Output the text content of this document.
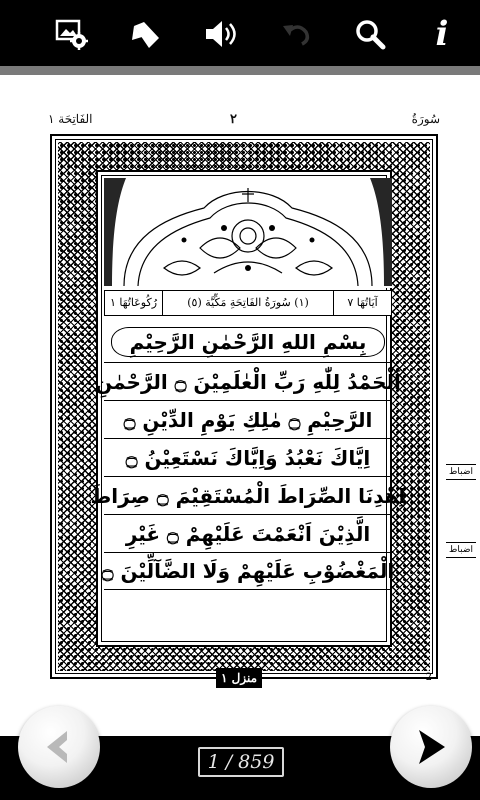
i
سُورَةُ
٢
الفَاتِحَة ١
رُكُوعَاتُهَا ١	(١) سُورَةُ الفَاتِحَةِ مَكِّيَّة (٥)	آيَاتُهَا ٧
بِسْمِ اللهِ الرَّحْمٰنِ الرَّحِيْمِ
اَلْحَمْدُ لِلّٰهِ رَبِّ الْعٰلَمِيْنَ ۝ الرَّحْمٰنِ
الرَّحِيْمِ ۝ مٰلِكِ يَوْمِ الدِّيْنِ ۝
اِيَّاكَ نَعْبُدُ وَاِيَّاكَ نَسْتَعِيْنُ ۝
اِهْدِنَا الصِّرَاطَ الْمُسْتَقِيْمَ ۝ صِرَاطَ
الَّذِيْنَ اَنْعَمْتَ عَلَيْهِمْ ۝ غَيْرِ
الْمَغْضُوْبِ عَلَيْهِمْ وَلَا الضَّآلِّيْنَ ۝
اضباط
اضباط
منزل ١	2
1 / 859
